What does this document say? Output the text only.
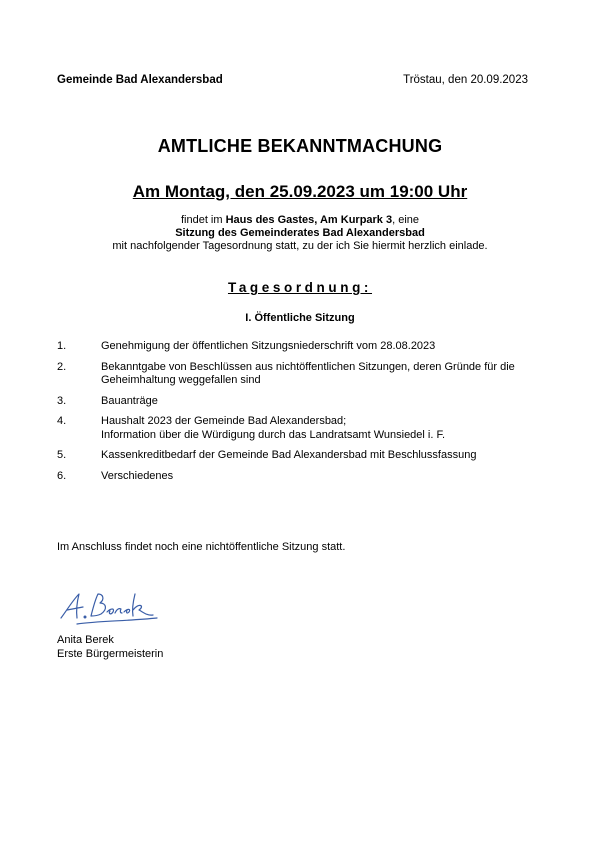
Gemeinde Bad Alexandersbad	Tröstau, den 20.09.2023
AMTLICHE BEKANNTMACHUNG
Am Montag, den 25.09.2023 um 19:00 Uhr
findet im Haus des Gastes, Am Kurpark 3, eine
Sitzung des Gemeinderates Bad Alexandersbad
mit nachfolgender Tagesordnung statt, zu der ich Sie hiermit herzlich einlade.
Tagesordnung:
I. Öffentliche Sitzung
1.	Genehmigung der öffentlichen Sitzungsniederschrift vom 28.08.2023
2.	Bekanntgabe von Beschlüssen aus nichtöffentlichen Sitzungen, deren Gründe für die
Geheimhaltung weggefallen sind
3.	Bauanträge
4.	Haushalt 2023 der Gemeinde Bad Alexandersbad;
Information über die Würdigung durch das Landratsamt Wunsiedel i. F.
5.	Kassenkreditbedarf der Gemeinde Bad Alexandersbad mit Beschlussfassung
6.	Verschiedenes
Im Anschluss findet noch eine nichtöffentliche Sitzung statt.
Anita Berek
Erste Bürgermeisterin
